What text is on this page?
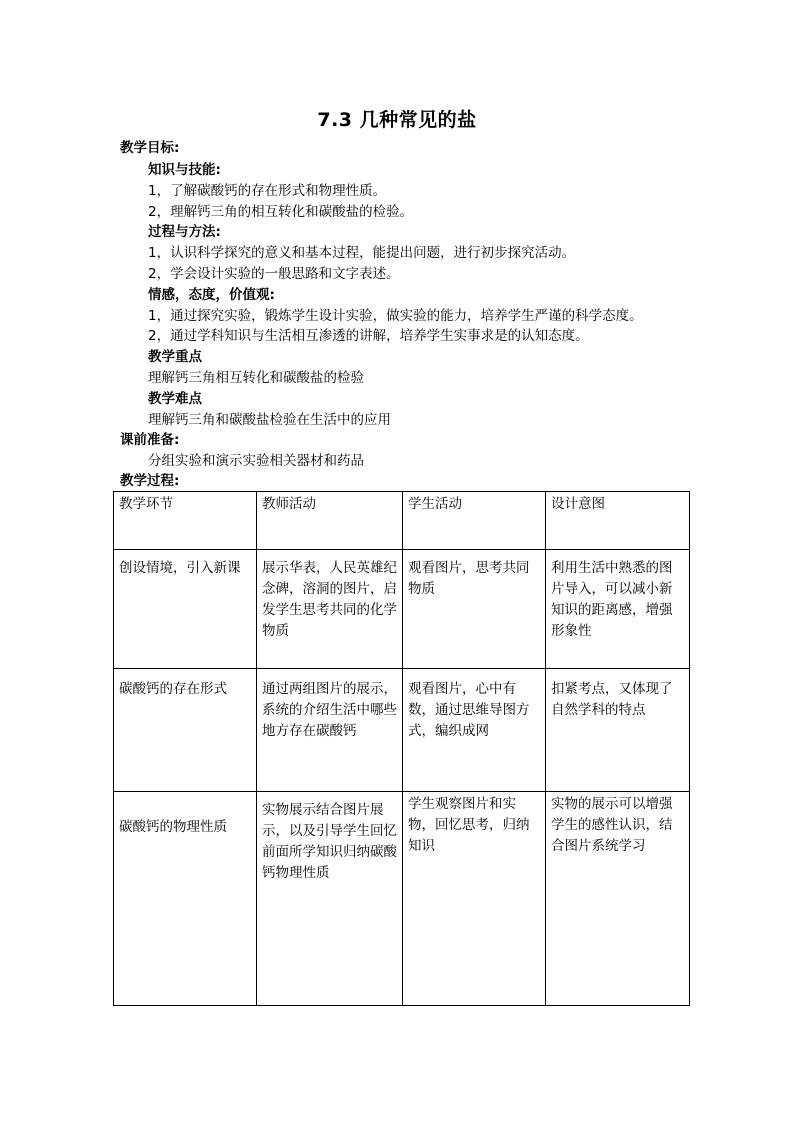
7.3 几种常见的盐
教学目标:
知识与技能:
1，了解碳酸钙的存在形式和物理性质。
2，理解钙三角的相互转化和碳酸盐的检验。
过程与方法:
1，认识科学探究的意义和基本过程，能提出问题，进行初步探究活动。
2，学会设计实验的一般思路和文字表述。
情感，态度，价值观:
1，通过探究实验，锻炼学生设计实验，做实验的能力，培养学生严谨的科学态度。
2，通过学科知识与生活相互渗透的讲解，培养学生实事求是的认知态度。
教学重点
理解钙三角相互转化和碳酸盐的检验
教学难点
理解钙三角和碳酸盐检验在生活中的应用
课前准备:
分组实验和演示实验相关器材和药品
教学过程:
教学环节	教师活动	学生活动	设计意图
创设情境，引入新课	展示华表，人民英雄纪念碑，溶洞的图片，启发学生思考共同的化学物质	观看图片，思考共同物质	利用生活中熟悉的图片导入，可以减小新知识的距离感，增强形象性
碳酸钙的存在形式	通过两组图片的展示，系统的介绍生活中哪些地方存在碳酸钙	观看图片，心中有数，通过思维导图方式，编织成网	扣紧考点，又体现了自然学科的特点

碳酸钙的物理性质	实物展示结合图片展示，以及引导学生回忆前面所学知识归纳碳酸钙物理性质	学生观察图片和实物，回忆思考，归纳知识	实物的展示可以增强学生的感性认识，结合图片系统学习
